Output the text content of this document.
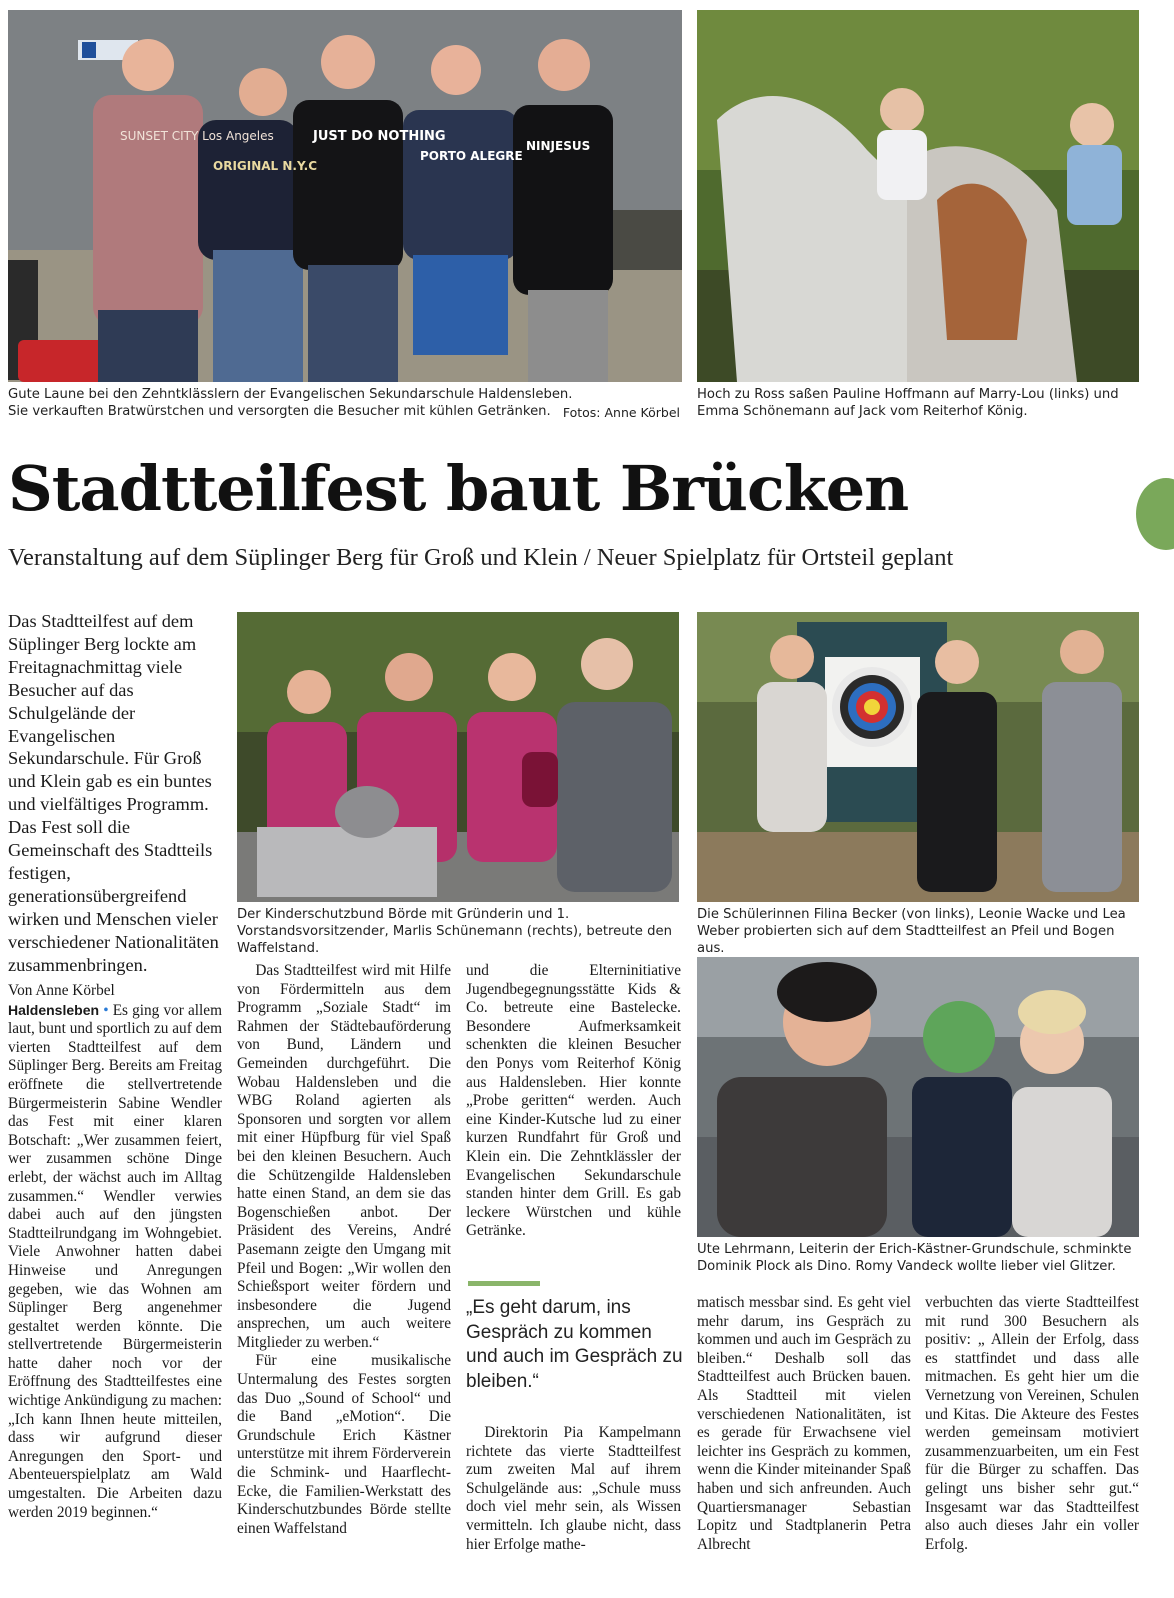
SUNSET CITY Los Angeles
ORIGINAL N.Y.C
JUST DO NOTHING
PORTO ALEGRE
NINJESUS
Gute Laune bei den Zehntklässlern der Evangelischen Sekundarschule Haldensleben. Sie verkauften Bratwürstchen und versorgten die Besucher mit kühlen Getränken. Fotos: Anne Körbel
Hoch zu Ross saßen Pauline Hoffmann auf Marry-Lou (links) und Emma Schönemann auf Jack vom Reiterhof König.
Stadtteilfest baut Brücken
Veranstaltung auf dem Süplinger Berg für Groß und Klein / Neuer Spielplatz für Ortsteil geplant
Das Stadtteilfest auf dem Süplinger Berg lockte am Freitagnachmittag viele Besucher auf das Schulgelände der Evangelischen Sekundarschule. Für Groß und Klein gab es ein buntes und vielfältiges Programm. Das Fest soll die Gemeinschaft des Stadtteils festigen, generationsübergreifend wirken und Menschen vieler verschiedener Nationalitäten zusammenbringen.
Der Kinderschutzbund Börde mit Gründerin und 1. Vorstandsvorsitzender, Marlis Schünemann (rechts), betreute den Waffelstand.
Die Schülerinnen Filina Becker (von links), Leonie Wacke und Lea Weber probierten sich auf dem Stadtteilfest an Pfeil und Bogen aus.
Ute Lehrmann, Leiterin der Erich-Kästner-Grundschule, schminkte Dominik Plock als Dino. Romy Vandeck wollte lieber viel Glitzer.

Von Anne Körbel

Haldensleben • Es ging vor allem laut, bunt und sportlich zu auf dem vierten Stadtteilfest auf dem Süplinger Berg. Bereits am Freitag eröffnete die stellvertretende Bürgermeisterin Sabine Wendler das Fest mit einer klaren Botschaft: „Wer zusammen feiert, wer zusammen schöne Dinge erlebt, der wächst auch im Alltag zusammen.“ Wendler verwies dabei auch auf den jüngsten Stadtteilrundgang im Wohngebiet. Viele Anwohner hatten dabei Hinweise und Anregungen gegeben, wie das Wohnen am Süplinger Berg angenehmer gestaltet werden könnte. Die stellvertretende Bürgermeisterin hatte daher noch vor der Eröffnung des Stadtteilfestes eine wichtige Ankündigung zu machen: „Ich kann Ihnen heute mitteilen, dass wir aufgrund dieser Anregungen den Sport- und Abenteuerspielplatz am Wald umgestalten. Die Arbeiten dazu werden 2019 beginnen.“

Das Stadtteilfest wird mit Hilfe von Fördermitteln aus dem Programm „Soziale Stadt“ im Rahmen der Städtebauförderung von Bund, Ländern und Gemeinden durchgeführt. Die Wobau Haldensleben und die WBG Roland agierten als Sponsoren und sorgten vor allem mit einer Hüpfburg für viel Spaß bei den kleinen Besuchern. Auch die Schützengilde Haldensleben hatte einen Stand, an dem sie das Bogenschießen anbot. Der Präsident des Vereins, André Pasemann zeigte den Umgang mit Pfeil und Bogen: „Wir wollen den Schießsport weiter fördern und insbesondere die Jugend ansprechen, um auch weitere Mitglieder zu werben.“

Für eine musikalische Untermalung des Festes sorgten das Duo „Sound of School“ und die Band „eMotion“. Die Grundschule Erich Kästner unterstütze mit ihrem Förderverein die Schmink- und Haarflecht-Ecke, die Familien-Werkstatt des Kinderschutzbundes Börde stellte einen Waffelstand

und die Elterninitiative Jugendbegegnungsstätte Kids & Co. betreute eine Bastelecke. Besondere Aufmerksamkeit schenkten die kleinen Besucher den Ponys vom Reiterhof König aus Haldensleben. Hier konnte „Probe geritten“ werden. Auch eine Kinder-Kutsche lud zu einer kurzen Rundfahrt für Groß und Klein ein. Die Zehntklässler der Evangelischen Sekundarschule standen hinter dem Grill. Es gab leckere Würstchen und kühle Getränke.

„Es geht darum, ins Gespräch zu kommen und auch im Gespräch zu bleiben.“

Direktorin Pia Kampelmann richtete das vierte Stadtteilfest zum zweiten Mal auf ihrem Schulgelände aus: „Schule muss doch viel mehr sein, als Wissen vermitteln. Ich glaube nicht, dass hier Erfolge mathe-

matisch messbar sind. Es geht viel mehr darum, ins Gespräch zu kommen und auch im Gespräch zu bleiben.“ Deshalb soll das Stadtteilfest auch Brücken bauen. Als Stadtteil mit vielen verschiedenen Nationalitäten, ist es gerade für Erwachsene viel leichter ins Gespräch zu kommen, wenn die Kinder miteinander Spaß haben und sich anfreunden. Auch Quartiersmanager Sebastian Lopitz und Stadtplanerin Petra Albrecht

verbuchten das vierte Stadtteilfest mit rund 300 Besuchern als positiv: „ Allein der Erfolg, dass es stattfindet und dass alle mitmachen. Es geht hier um die Vernetzung von Vereinen, Schulen und Kitas. Die Akteure des Festes werden gemeinsam motiviert zusammenzuarbeiten, um ein Fest für die Bürger zu schaffen. Das gelingt uns bisher sehr gut.“ Insgesamt war das Stadtteilfest also auch dieses Jahr ein voller Erfolg.
